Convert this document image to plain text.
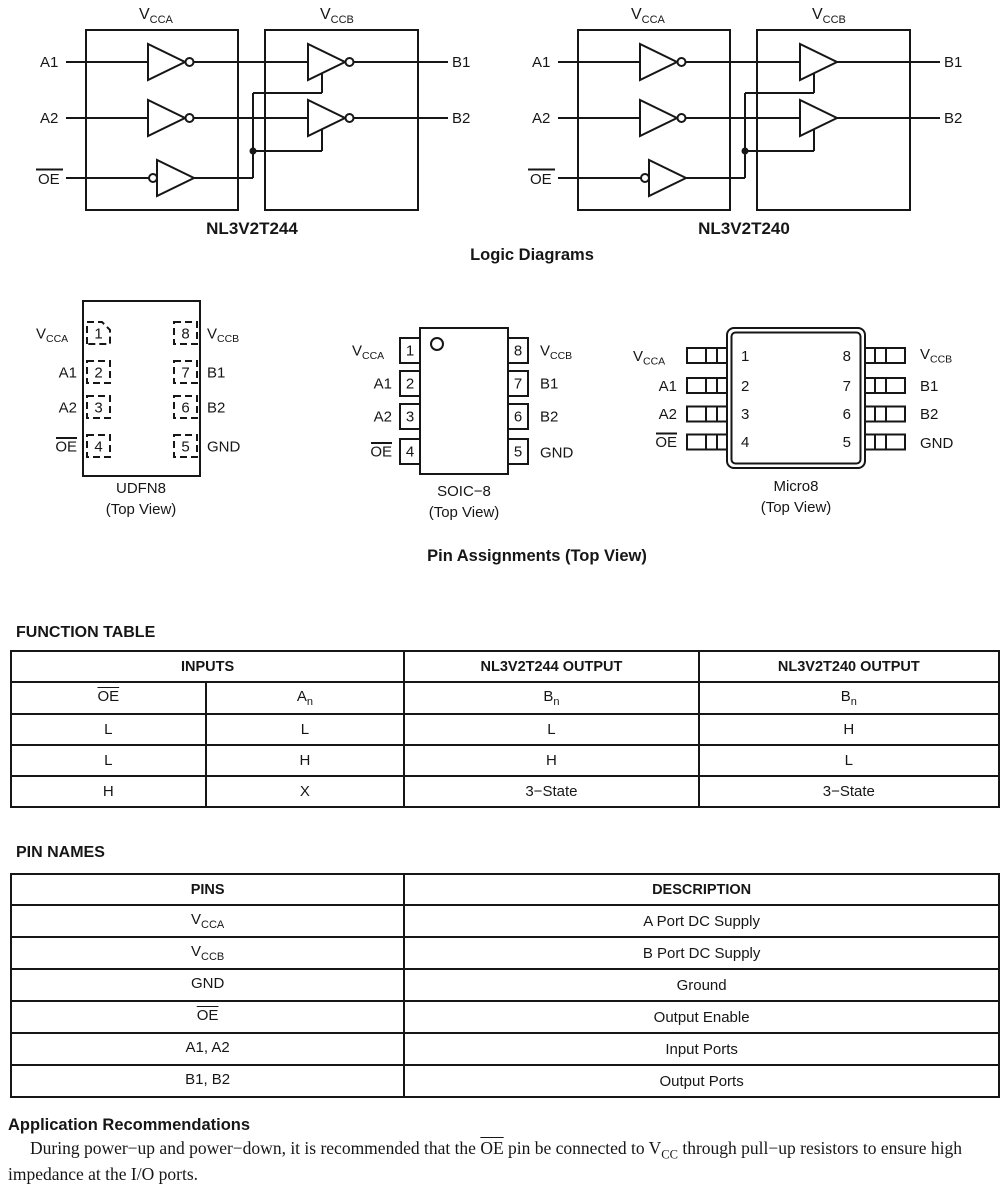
$V_{CCA}$	$V_{CCB}$
A1
A2
OE
B1
B2
NL3V2T244
$V_{CCA}$	$V_{CCB}$
A1
A2
OE
B1
B2
NL3V2T240
Logic Diagrams
1
2
3
4
8
7
6
5
$V_{CCA}$
A1
A2
OE
$V_{CCB}$
B1
B2
GND
UDFN8
(Top View)
1
2
3
4
8
7
6
5
$V_{CCA}$
A1
A2
OE
$V_{CCB}$
B1
B2
GND
SOIC−8
(Top View)
1
2
3
4
8
7
6
5
$V_{CCA}$
A1
A2
OE
$V_{CCB}$
B1
B2
GND
Micro8
(Top View)
Pin Assignments (Top View)
FUNCTION TABLE
INPUTS		NL3V2T244 OUTPUT	NL3V2T240 OUTPUT
$\overline{OE}$	$A_n$	$B_n$	$B_n$
L	L	L	H
L	H	H	L
H	X	3−State	3−State
PIN NAMES
PINS	DESCRIPTION
$V_{CCA}$	A Port DC Supply
$V_{CCB}$	B Port DC Supply
GND	Ground
$\overline{OE}$	Output Enable
A1, A2	Input Ports
B1, B2	Output Ports
Application Recommendations

During power−up and power−down, it is recommended that the $\overline{OE}$ pin be connected to $V_{CC}$ through pull−up resistors to ensure high impedance at the I/O ports.
